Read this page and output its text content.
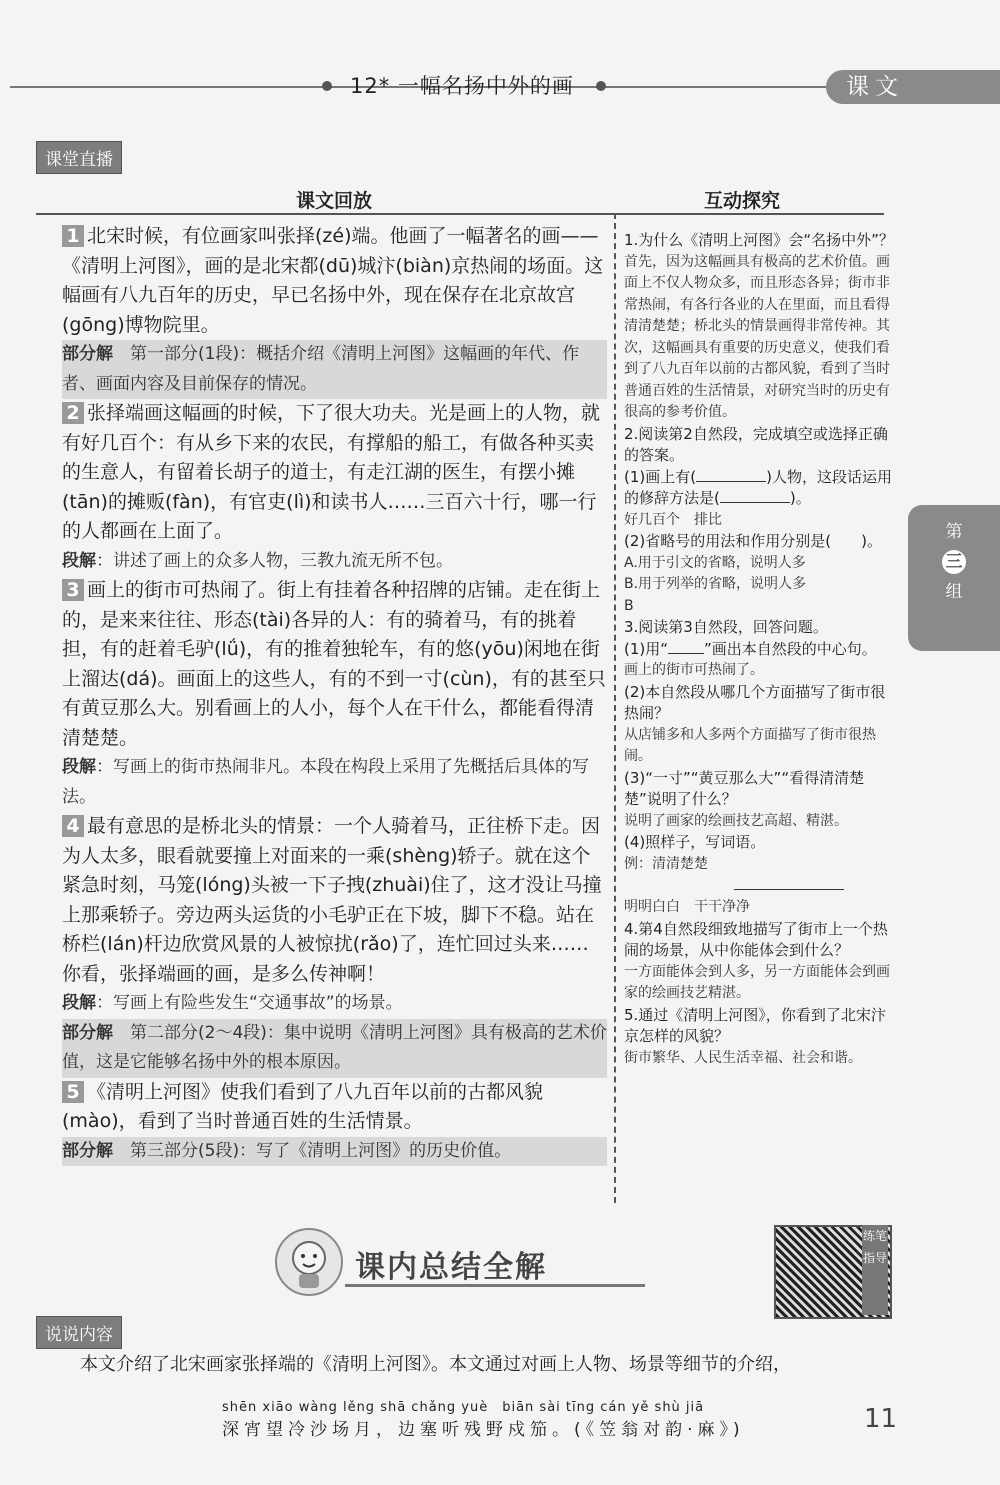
12* 一幅名扬中外的画	课文
课堂直播
课文回放	互动探究

1 北宋时候，有位画家叫张择(zé)端。他画了一幅著名的画——《清明上河图》，画的是北宋都(dū)城汴(biàn)京热闹的场面。这幅画有八九百年的历史，早已名扬中外，现在保存在北京故宫(gōng)博物院里。

部分解　 第一部分(1段)：概括介绍《清明上河图》这幅画的年代、作者、画面内容及目前保存的情况。

2 张择端画这幅画的时候，下了很大功夫。光是画上的人物，就有好几百个：有从乡下来的农民，有撑船的船工，有做各种买卖的生意人，有留着长胡子的道士，有走江湖的医生，有摆小摊(tān)的摊贩(fàn)，有官吏(lì)和读书人……三百六十行，哪一行的人都画在上面了。

段解：讲述了画上的众多人物，三教九流无所不包。

3 画上的街市可热闹了。街上有挂着各种招牌的店铺。走在街上的，是来来往往、形态(tài)各异的人：有的骑着马，有的挑着担，有的赶着毛驴(lǘ)，有的推着独轮车，有的悠(yōu)闲地在街上溜达(dá)。画面上的这些人，有的不到一寸(cùn)，有的甚至只有黄豆那么大。别看画上的人小，每个人在干什么，都能看得清清楚楚。

段解：写画上的街市热闹非凡。本段在构段上采用了先概括后具体的写法。

4 最有意思的是桥北头的情景：一个人骑着马，正往桥下走。因为人太多，眼看就要撞上对面来的一乘(shèng)轿子。就在这个紧急时刻，马笼(lóng)头被一下子拽(zhuài)住了，这才没让马撞上那乘轿子。旁边两头运货的小毛驴正在下坡，脚下不稳。站在桥栏(lán)杆边欣赏风景的人被惊扰(rǎo)了，连忙回过头来……你看，张择端画的画，是多么传神啊！

段解：写画上有险些发生“交通事故”的场景。

部分解　 第二部分(2～4段)：集中说明《清明上河图》具有极高的艺术价值，这是它能够名扬中外的根本原因。

5 《清明上河图》使我们看到了八九百年以前的古都风貌(mào)，看到了当时普通百姓的生活情景。

部分解　 第三部分(5段)：写了《清明上河图》的历史价值。

1.为什么《清明上河图》会“名扬中外”？
首先，因为这幅画具有极高的艺术价值。画面上不仅人物众多，而且形态各异；街市非常热闹，有各行各业的人在里面，而且看得清清楚楚；桥北头的情景画得非常传神。其次，这幅画具有重要的历史意义，使我们看到了八九百年以前的古都风貌，看到了当时普通百姓的生活情景，对研究当时的历史有很高的参考价值。
2.阅读第2自然段，完成填空或选择正确的答案。
(1)画上有(	)人物，这段话运用的修辞方法是(	)。
好几百个　排比
(2)省略号的用法和作用分别是(　　)。
A.用于引文的省略，说明人多
B.用于列举的省略，说明人多
B
3.阅读第3自然段，回答问题。
(1)用“ ”画出本自然段的中心句。
画上的街市可热闹了。
(2)本自然段从哪几个方面描写了街市很热闹？
从店铺多和人多两个方面描写了街市很热闹。
(3)“一寸”“黄豆那么大”“看得清清楚楚”说明了什么？
说明了画家的绘画技艺高超、精湛。
(4)照样子，写词语。
例：清清楚楚
明明白白　干干净净
4.第4自然段细致地描写了街市上一个热闹的场景，从中你能体会到什么？
一方面能体会到人多，另一方面能体会到画家的绘画技艺精湛。
5.通过《清明上河图》，你看到了北宋汴京怎样的风貌？
街市繁华、人民生活幸福、社会和谐。
第
三
组
课内总结全解
练笔指导
说说内容
本文介绍了北宋画家张择端的《清明上河图》。本文通过对画上人物、场景等细节的介绍，
shēn xiāo wàng lěng shā chǎng yuè　biān sài tīng cán yě shù jiā
深宵望冷沙场月，边塞听残野戍笳。(《笠翁对韵·麻》)	11
